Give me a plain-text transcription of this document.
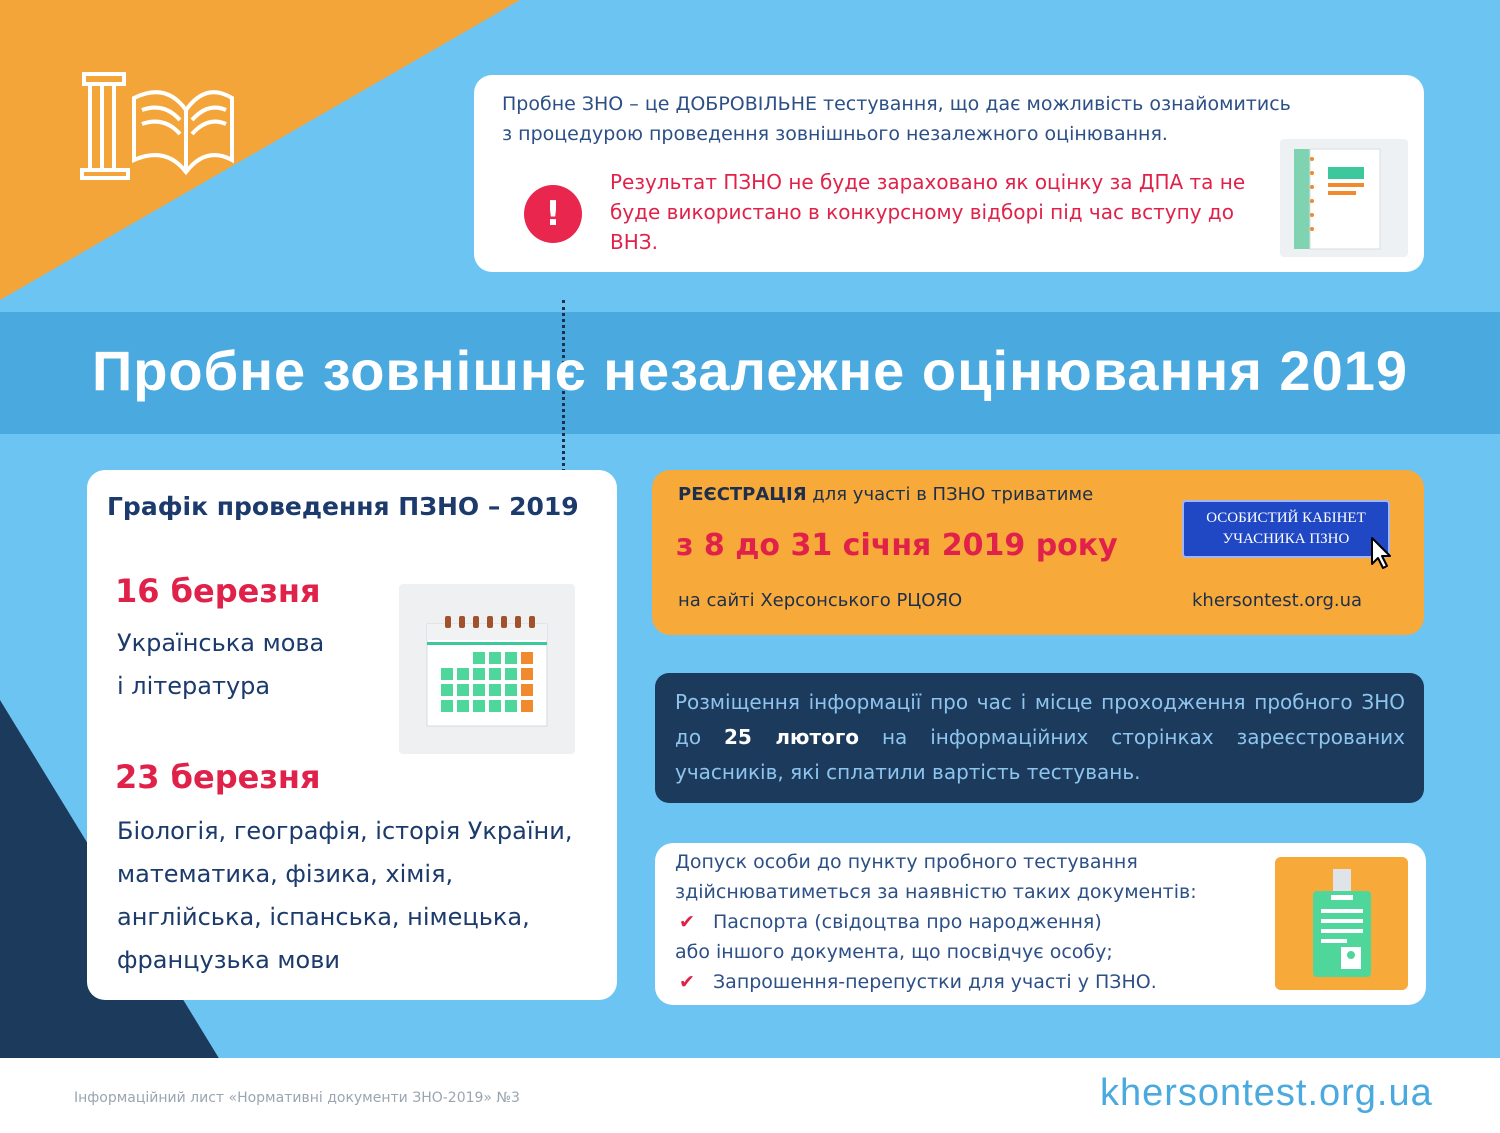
Пробне ЗНО – це ДОБРОВІЛЬНЕ тестування, що дає можливість ознайомитись
з процедурою проведення зовнішнього незалежного оцінювання.
!
Результат ПЗНО не буде зараховано як оцінку за ДПА та не буде використано в конкурсному відборі під час вступу до ВНЗ.
Пробне зовнішнє незалежне оцінювання 2019
Графік проведення ПЗНО – 2019
16 березня
Українська мова
і література
23 березня
Біологія, географія, історія України,
математика, фізика, хімія,
англійська, іспанська, німецька,
французька мови
РЕЄСТРАЦІЯ для участі в ПЗНО триватиме
з 8 до 31 січня 2019 року
на сайті Херсонського РЦОЯО
ОСОБИСТИЙ КАБІНЕТ
УЧАСНИКА ПЗНО
khersontest.org.ua
Розміщення інформації про час і місце проходження пробного ЗНО до 25 лютого на інформаційних сторінках зареєстрованих учасників, які сплатили вартість тестувань.
Допуск особи до пункту пробного тестування
здійснюватиметься за наявністю таких документів:
✔ Паспорта (свідоцтва про народження)
або іншого документа, що посвідчує особу;
✔ Запрошення-перепустки для участі у ПЗНО.
Інформаційний лист «Нормативні документи ЗНО-2019» №3	khersontest.org.ua
